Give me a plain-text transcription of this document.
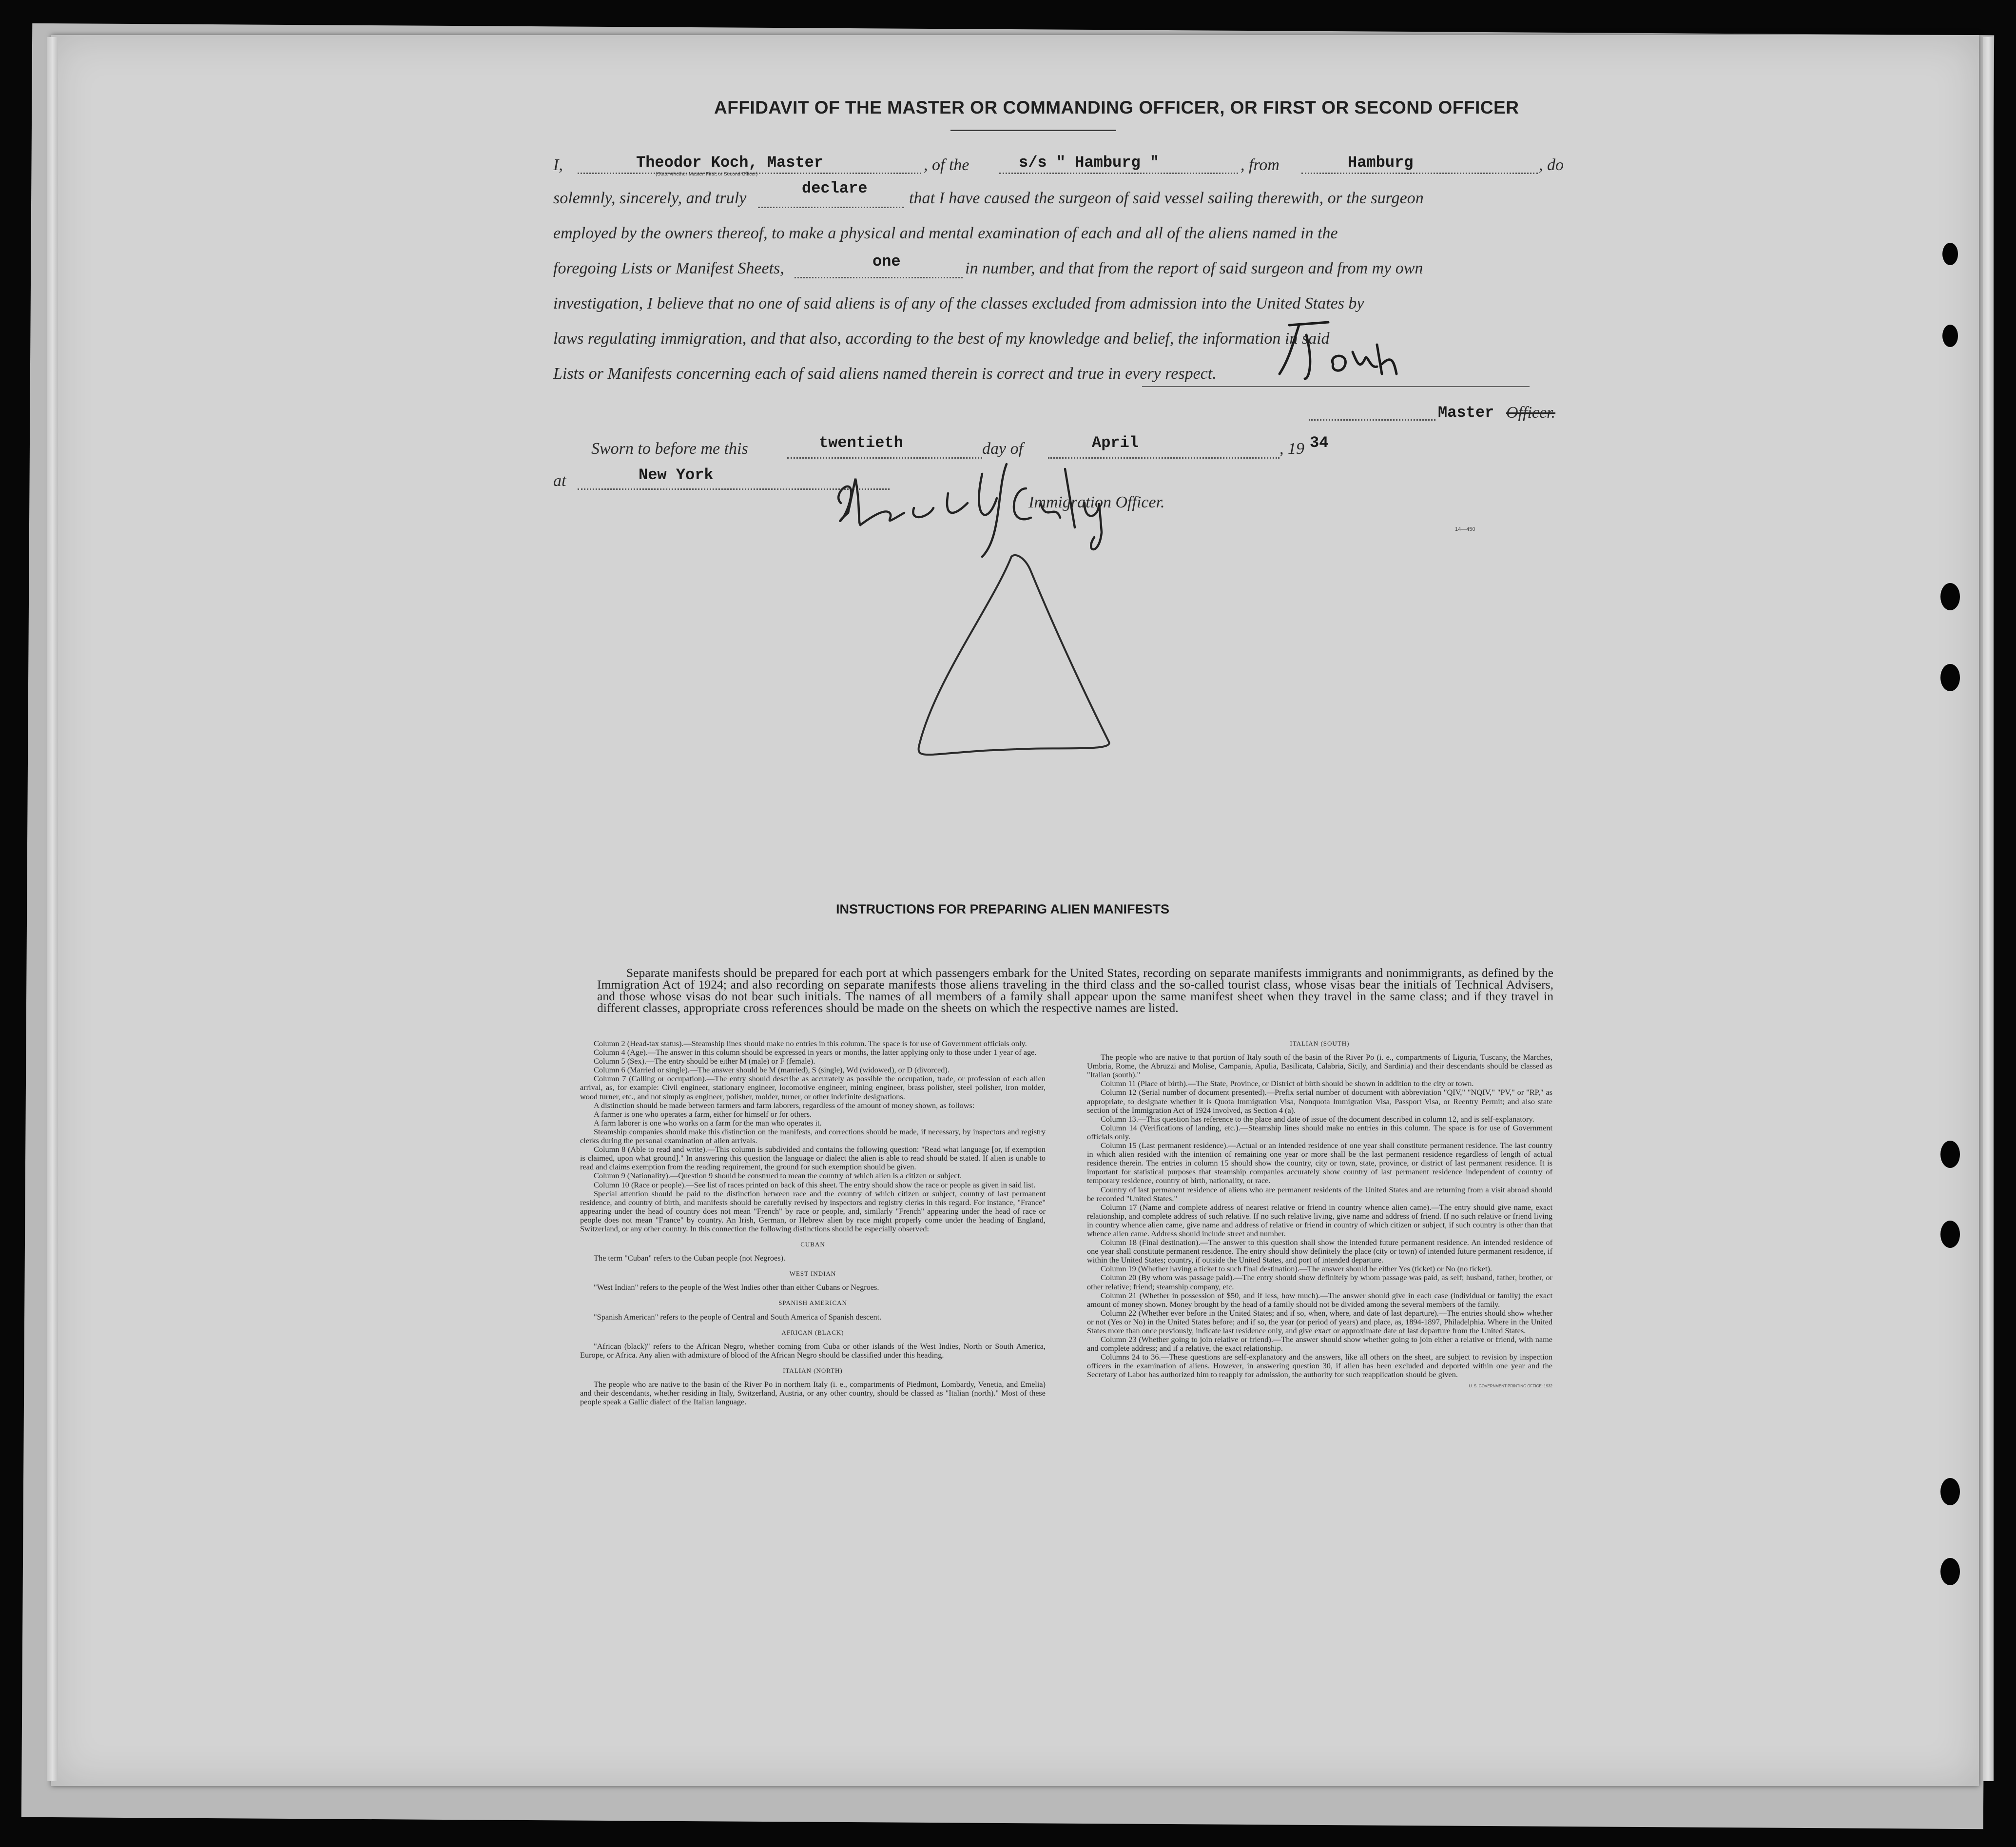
AFFIDAVIT OF THE MASTER OR COMMANDING OFFICER, OR FIRST OR SECOND OFFICER
I,	Theodor Koch, Master
(State whether Master, First, or Second Officer)
, of the	s/s " Hamburg "	, from	Hamburg	, do
solemnly, sincerely, and truly
declare
that I have caused the surgeon of said vessel sailing therewith, or the surgeon
employed by the owners thereof, to make a physical and mental examination of each and all of the aliens named in the
foregoing Lists or Manifest Sheets,	one	in number, and that from the report of said surgeon and from my own
investigation, I believe that no one of said aliens is of any of the classes excluded from admission into the United States by
laws regulating immigration, and that also, according to the best of my knowledge and belief, the information in said
Lists or Manifests concerning each of said aliens named therein is correct and true in every respect.
Master Officer.
Sworn to before me this	twentieth	day of	April	, 19 34
at	New York
Immigration Officer.
14—450
INSTRUCTIONS FOR PREPARING ALIEN MANIFESTS

Separate manifests should be prepared for each port at which passengers embark for the United States, recording on separate manifests immigrants and nonimmigrants, as defined by the Immigration Act of 1924; and also recording on separate manifests those aliens traveling in the third class and the so-called tourist class, whose visas bear the initials of Technical Advisers, and those whose visas do not bear such initials. The names of all members of a family shall appear upon the same manifest sheet when they travel in the same class; and if they travel in different classes, appropriate cross references should be made on the sheets on which the respective names are listed.

Column 2 (Head-tax status).—Steamship lines should make no entries in this column. The space is for use of Government officials only.

Column 4 (Age).—The answer in this column should be expressed in years or months, the latter applying only to those under 1 year of age.

Column 5 (Sex).—The entry should be either M (male) or F (female).

Column 6 (Married or single).—The answer should be M (married), S (single), Wd (widowed), or D (divorced).

Column 7 (Calling or occupation).—The entry should describe as accurately as possible the occupation, trade, or profession of each alien arrival, as, for example: Civil engineer, stationary engineer, locomotive engineer, mining engineer, brass polisher, steel polisher, iron molder, wood turner, etc., and not simply as engineer, polisher, molder, turner, or other indefinite designations.

A distinction should be made between farmers and farm laborers, regardless of the amount of money shown, as follows:

A farmer is one who operates a farm, either for himself or for others.

A farm laborer is one who works on a farm for the man who operates it.

Steamship companies should make this distinction on the manifests, and corrections should be made, if necessary, by inspectors and registry clerks during the personal examination of alien arrivals.

Column 8 (Able to read and write).—This column is subdivided and contains the following question: "Read what language [or, if exemption is claimed, upon what ground]." In answering this question the language or dialect the alien is able to read should be stated. If alien is unable to read and claims exemption from the reading requirement, the ground for such exemption should be given.

Column 9 (Nationality).—Question 9 should be construed to mean the country of which alien is a citizen or subject.

Column 10 (Race or people).—See list of races printed on back of this sheet. The entry should show the race or people as given in said list.

Special attention should be paid to the distinction between race and the country of which citizen or subject, country of last permanent residence, and country of birth, and manifests should be carefully revised by inspectors and registry clerks in this regard. For instance, "France" appearing under the head of country does not mean "French" by race or people, and, similarly "French" appearing under the head of race or people does not mean "France" by country. An Irish, German, or Hebrew alien by race might properly come under the heading of England, Switzerland, or any other country. In this connection the following distinctions should be especially observed:

CUBAN

The term "Cuban" refers to the Cuban people (not Negroes).

WEST INDIAN

"West Indian" refers to the people of the West Indies other than either Cubans or Negroes.

SPANISH AMERICAN

"Spanish American" refers to the people of Central and South America of Spanish descent.

AFRICAN (BLACK)

"African (black)" refers to the African Negro, whether coming from Cuba or other islands of the West Indies, North or South America, Europe, or Africa. Any alien with admixture of blood of the African Negro should be classified under this heading.

ITALIAN (NORTH)

The people who are native to the basin of the River Po in northern Italy (i. e., compartments of Piedmont, Lombardy, Venetia, and Emelia) and their descendants, whether residing in Italy, Switzerland, Austria, or any other country, should be classed as "Italian (north)." Most of these people speak a Gallic dialect of the Italian language.

ITALIAN (SOUTH)

The people who are native to that portion of Italy south of the basin of the River Po (i. e., compartments of Liguria, Tuscany, the Marches, Umbria, Rome, the Abruzzi and Molise, Campania, Apulia, Basilicata, Calabria, Sicily, and Sardinia) and their descendants should be classed as "Italian (south)."

Column 11 (Place of birth).—The State, Province, or District of birth should be shown in addition to the city or town.

Column 12 (Serial number of document presented).—Prefix serial number of document with abbreviation "QIV," "NQIV," "PV," or "RP," as appropriate, to designate whether it is Quota Immigration Visa, Nonquota Immigration Visa, Passport Visa, or Reentry Permit; and also state section of the Immigration Act of 1924 involved, as Section 4 (a).

Column 13.—This question has reference to the place and date of issue of the document described in column 12, and is self-explanatory.

Column 14 (Verifications of landing, etc.).—Steamship lines should make no entries in this column. The space is for use of Government officials only.

Column 15 (Last permanent residence).—Actual or an intended residence of one year shall constitute permanent residence. The last country in which alien resided with the intention of remaining one year or more shall be the last permanent residence regardless of length of actual residence therein. The entries in column 15 should show the country, city or town, state, province, or district of last permanent residence. It is important for statistical purposes that steamship companies accurately show country of last permanent residence independent of country of temporary residence, country of birth, nationality, or race.

Country of last permanent residence of aliens who are permanent residents of the United States and are returning from a visit abroad should be recorded "United States."

Column 17 (Name and complete address of nearest relative or friend in country whence alien came).—The entry should give name, exact relationship, and complete address of such relative. If no such relative living, give name and address of friend. If no such relative or friend living in country whence alien came, give name and address of relative or friend in country of which citizen or subject, if such country is other than that whence alien came. Address should include street and number.

Column 18 (Final destination).—The answer to this question shall show the intended future permanent residence. An intended residence of one year shall constitute permanent residence. The entry should show definitely the place (city or town) of intended future permanent residence, if within the United States; country, if outside the United States, and port of intended departure.

Column 19 (Whether having a ticket to such final destination).—The answer should be either Yes (ticket) or No (no ticket).

Column 20 (By whom was passage paid).—The entry should show definitely by whom passage was paid, as self; husband, father, brother, or other relative; friend; steamship company, etc.

Column 21 (Whether in possession of $50, and if less, how much).—The answer should give in each case (individual or family) the exact amount of money shown. Money brought by the head of a family should not be divided among the several members of the family.

Column 22 (Whether ever before in the United States; and if so, when, where, and date of last departure).—The entries should show whether or not (Yes or No) in the United States before; and if so, the year (or period of years) and place, as, 1894-1897, Philadelphia. Where in the United States more than once previously, indicate last residence only, and give exact or approximate date of last departure from the United States.

Column 23 (Whether going to join relative or friend).—The answer should show whether going to join either a relative or friend, with name and complete address; and if a relative, the exact relationship.

Columns 24 to 36.—These questions are self-explanatory and the answers, like all others on the sheet, are subject to revision by inspection officers in the examination of aliens. However, in answering question 30, if alien has been excluded and deported within one year and the Secretary of Labor has authorized him to reapply for admission, the authority for such reapplication should be given.

U. S. GOVERNMENT PRINTING OFFICE: 1932
